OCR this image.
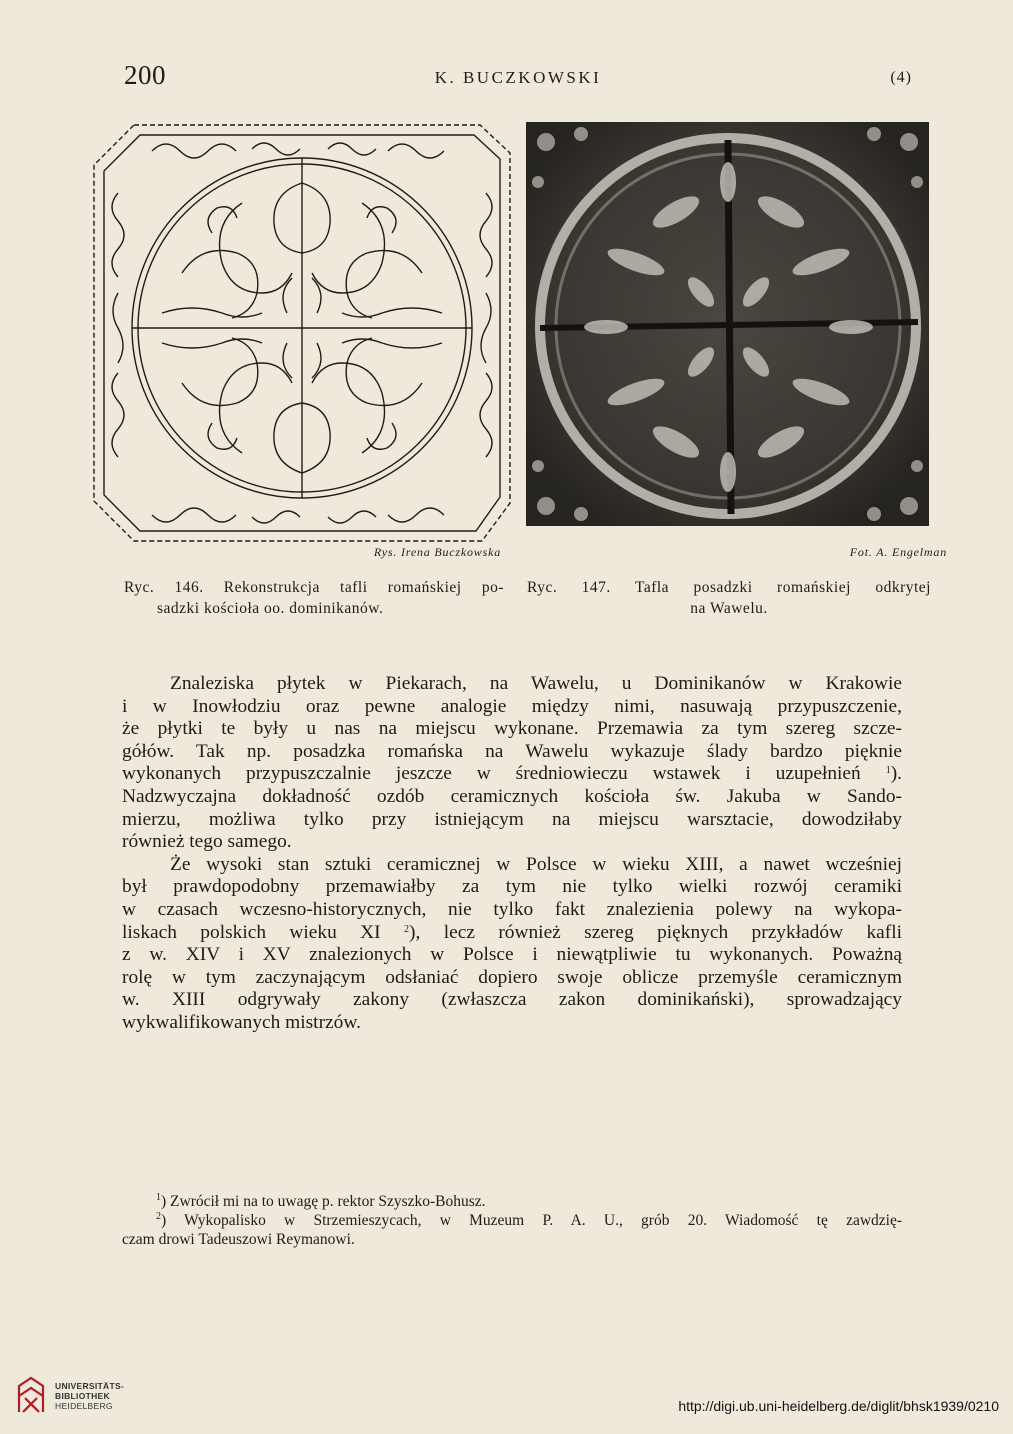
200	K. BUCZKOWSKI	(4)
Rys. Irena Buczkowska	Fot. A. Engelman
Ryc. 146. Rekonstrukcja tafli romańskiej po-
sadzki kościoła oo. dominikanów.
Ryc. 147. Tafla posadzki romańskiej odkrytej
na Wawelu.
Znaleziska płytek w Piekarach, na Wawelu, u Dominikanów w Krakowie
i w Inowłodziu oraz pewne analogie między nimi, nasuwają przypuszczenie,
że płytki te były u nas na miejscu wykonane. Przemawia za tym szereg szcze-
gółów. Tak np. posadzka romańska na Wawelu wykazuje ślady bardzo pięknie
wykonanych przypuszczalnie jeszcze w średniowieczu wstawek i uzupełnień $^1$).
Nadzwyczajna dokładność ozdób ceramicznych kościoła św. Jakuba w Sando-
mierzu, możliwa tylko przy istniejącym na miejscu warsztacie, dowodziłaby
również tego samego.
Że wysoki stan sztuki ceramicznej w Polsce w wieku XIII, a nawet wcześniej
był prawdopodobny przemawiałby za tym nie tylko wielki rozwój ceramiki
w czasach wczesno-historycznych, nie tylko fakt znalezienia polewy na wykopa-
liskach polskich wieku XI $^2$), lecz również szereg pięknych przykładów kafli
z w. XIV i XV znalezionych w Polsce i niewątpliwie tu wykonanych. Poważną
rolę w tym zaczynającym odsłaniać dopiero swoje oblicze przemyśle ceramicznym
w. XIII odgrywały zakony (zwłaszcza zakon dominikański), sprowadzający
wykwalifikowanych mistrzów.
$^1$) Zwrócił mi na to uwagę p. rektor Szyszko-Bohusz.
$^2$) Wykopalisko w Strzemieszycach, w Muzeum P. A. U., grób 20. Wiadomość tę zawdzię-
czam drowi Tadeuszowi Reymanowi.
UNIVERSITÄTS-
BIBLIOTHEK
HEIDELBERG	http://digi.ub.uni-heidelberg.de/diglit/bhsk1939/0210
